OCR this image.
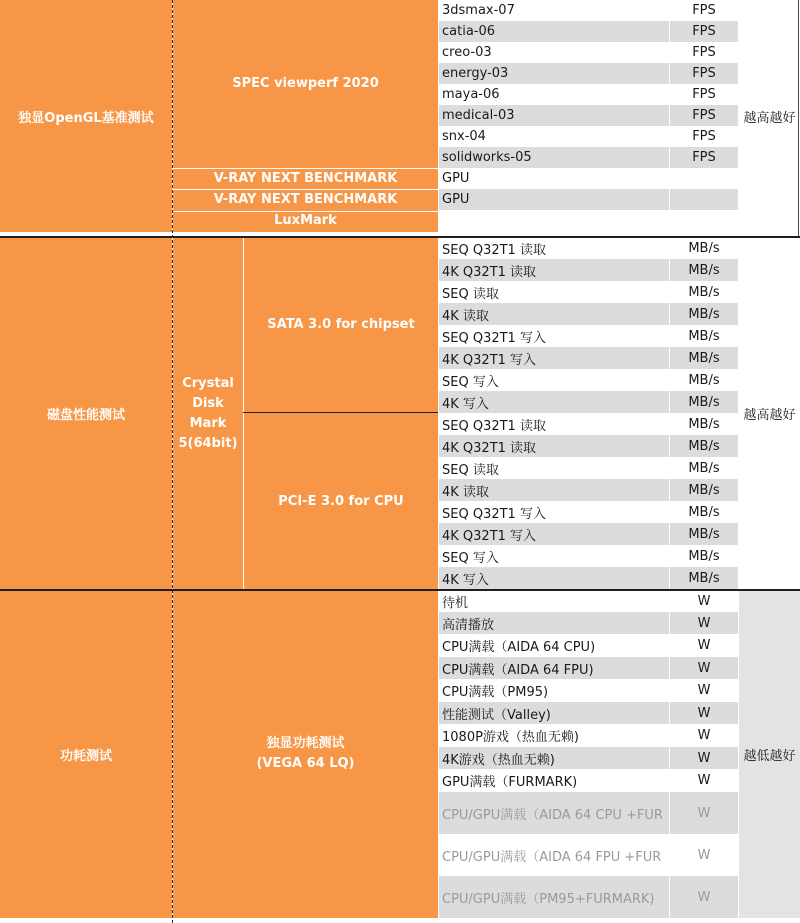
独显OpenGL基准测试
SPEC viewperf 2020
3dsmax-07	FPS
catia-06	FPS
creo-03	FPS
energy-03	FPS
maya-06	FPS
medical-03	FPS
snx-04	FPS
solidworks-05	FPS
V-RAY NEXT BENCHMARK	GPU
V-RAY NEXT BENCHMARK	GPU
LuxMark
越高越好
磁盘性能测试
Crystal Disk Mark 5(64bit)
SATA 3.0 for chipset
SEQ Q32T1 读取	MB/s
4K Q32T1 读取	MB/s
SEQ 读取	MB/s
4K 读取	MB/s
SEQ Q32T1 写入	MB/s
4K Q32T1 写入	MB/s
SEQ 写入	MB/s
4K 写入	MB/s
PCI-E 3.0 for CPU
SEQ Q32T1 读取	MB/s
4K Q32T1 读取	MB/s
SEQ 读取	MB/s
4K 读取	MB/s
SEQ Q32T1 写入	MB/s
4K Q32T1 写入	MB/s
SEQ 写入	MB/s
4K 写入	MB/s
越高越好
功耗测试
独显功耗测试
(VEGA 64 LQ)
待机	W
高清播放	W
CPU满载（AIDA 64 CPU)	W
CPU满载（AIDA 64 FPU)	W
CPU满载（PM95)	W
性能测试（Valley)	W
1080P游戏（热血无赖)	W
4K游戏（热血无赖)	W
GPU满载（FURMARK)	W
CPU/GPU满载（AIDA 64 CPU +FUR	W
CPU/GPU满载（AIDA 64 FPU +FUR	W
CPU/GPU满载（PM95+FURMARK)	W
越低越好
